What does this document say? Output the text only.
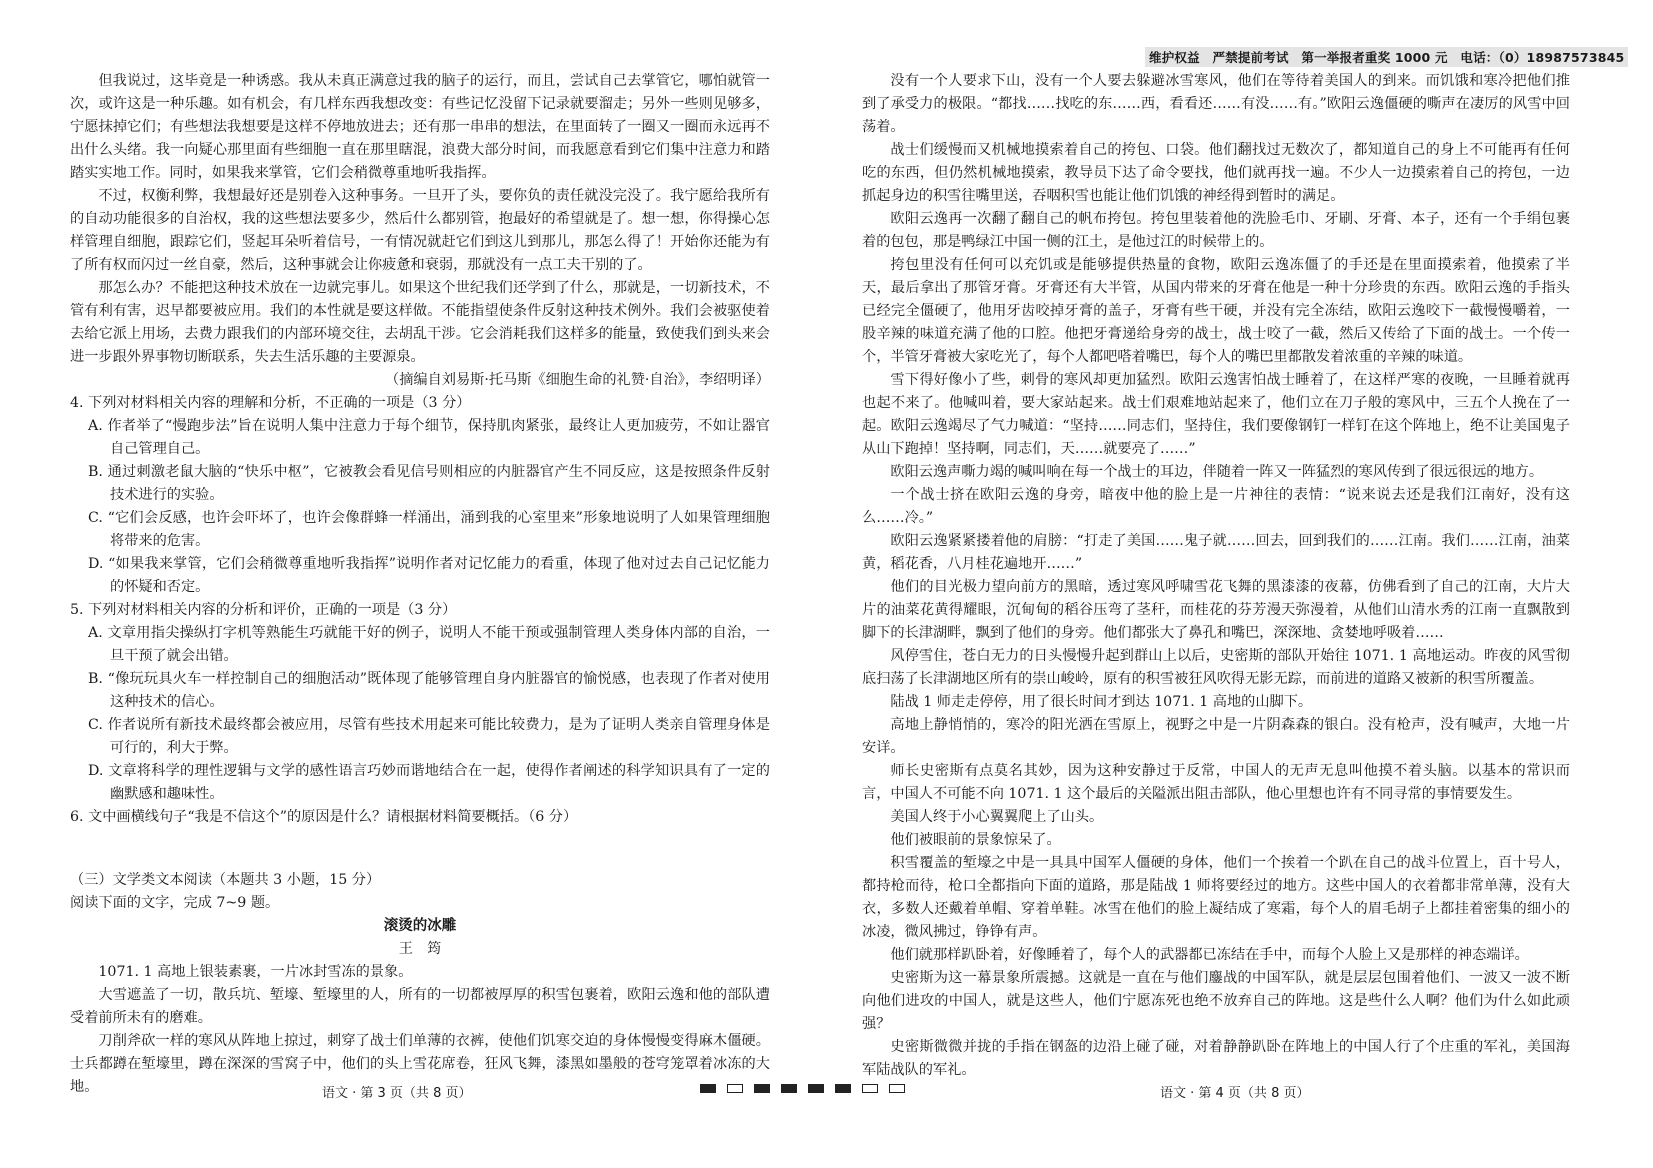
维护权益　严禁提前考试　第一举报者重奖 1000 元　电话：（0）18987573845

但我说过，这毕竟是一种诱惑。我从未真正满意过我的脑子的运行，而且，尝试自己去掌管它，哪怕就管一次，或许这是一种乐趣。如有机会，有几样东西我想改变：有些记忆没留下记录就要溜走；另外一些则见够多，宁愿抹掉它们；有些想法我想要是这样不停地放进去；还有那一串串的想法，在里面转了一圈又一圈而永远再不出什么头绪。我一向疑心那里面有些细胞一直在那里瞎混，浪费大部分时间，而我愿意看到它们集中注意力和踏踏实实地工作。同时，如果我来掌管，它们会稍微尊重地听我指挥。

不过，权衡利弊，我想最好还是别卷入这种事务。一旦开了头，要你负的责任就没完没了。我宁愿给我所有的自动功能很多的自治权，我的这些想法要多少，然后什么都别管，抱最好的希望就是了。想一想，你得操心怎样管理自细胞，跟踪它们，竖起耳朵听着信号，一有情况就赶它们到这儿到那儿，那怎么得了！开始你还能为有了所有权而闪过一丝自豪，然后，这种事就会让你疲惫和衰弱，那就没有一点工夫干别的了。

那怎么办？不能把这种技术放在一边就完事儿。如果这个世纪我们还学到了什么，那就是，一切新技术，不管有利有害，迟早都要被应用。我们的本性就是要这样做。不能指望使条件反射这种技术例外。我们会被驱使着去给它派上用场，去费力跟我们的内部环境交往，去胡乱干涉。它会消耗我们这样多的能量，致使我们到头来会进一步跟外界事物切断联系，失去生活乐趣的主要源泉。

（摘编自刘易斯·托马斯《细胞生命的礼赞·自治》，李绍明译）

4. 下列对材料相关内容的理解和分析，不正确的一项是（3 分）

A. 作者举了“慢跑步法”旨在说明人集中注意力于每个细节，保持肌肉紧张，最终让人更加疲劳，不如让器官自己管理自己。

B. 通过刺激老鼠大脑的“快乐中枢”，它被教会看见信号则相应的内脏器官产生不同反应，这是按照条件反射技术进行的实验。

C. “它们会反感，也许会吓坏了，也许会像群蜂一样涌出，涌到我的心室里来”形象地说明了人如果管理细胞将带来的危害。

D. “如果我来掌管，它们会稍微尊重地听我指挥”说明作者对记忆能力的看重，体现了他对过去自己记忆能力的怀疑和否定。

5. 下列对材料相关内容的分析和评价，正确的一项是（3 分）

A. 文章用指尖操纵打字机等熟能生巧就能干好的例子，说明人不能干预或强制管理人类身体内部的自治，一旦干预了就会出错。

B. “像玩玩具火车一样控制自己的细胞活动”既体现了能够管理自身内脏器官的愉悦感，也表现了作者对使用这种技术的信心。

C. 作者说所有新技术最终都会被应用，尽管有些技术用起来可能比较费力，是为了证明人类亲自管理身体是可行的，利大于弊。

D. 文章将科学的理性逻辑与文学的感性语言巧妙而谐地结合在一起，使得作者阐述的科学知识具有了一定的幽默感和趣味性。

6. 文中画横线句子“我是不信这个”的原因是什么？请根据材料简要概括。（6 分）

（三）文学类文本阅读（本题共 3 小题，15 分）

阅读下面的文字，完成 7~9 题。

滚烫的冰雕

王　筠

1071. 1 高地上银装素裹，一片冰封雪冻的景象。

大雪遮盖了一切，散兵坑、堑壕、堑壕里的人，所有的一切都被厚厚的积雪包裹着，欧阳云逸和他的部队遭受着前所未有的磨难。

刀削斧砍一样的寒风从阵地上掠过，刺穿了战士们单薄的衣裤，使他们饥寒交迫的身体慢慢变得麻木僵硬。士兵都蹲在堑壕里，蹲在深深的雪窝子中，他们的头上雪花席卷，狂风飞舞，漆黑如墨般的苍穹笼罩着冰冻的大地。

没有一个人要求下山，没有一个人要去躲避冰雪寒风，他们在等待着美国人的到来。而饥饿和寒冷把他们推到了承受力的极限。“都找……找吃的东……西，看看还……有没……有。”欧阳云逸僵硬的嘶声在凄厉的风雪中回荡着。

战士们缓慢而又机械地摸索着自己的挎包、口袋。他们翻找过无数次了，都知道自己的身上不可能再有任何吃的东西，但仍然机械地摸索，教导员下达了命令要找，他们就再找一遍。不少人一边摸索着自己的挎包，一边抓起身边的积雪往嘴里送，吞咽积雪也能让他们饥饿的神经得到暂时的满足。

欧阳云逸再一次翻了翻自己的帆布挎包。挎包里装着他的洗脸毛巾、牙刷、牙膏、本子，还有一个手绢包裹着的包包，那是鸭绿江中国一侧的江土，是他过江的时候带上的。

挎包里没有任何可以充饥或是能够提供热量的食物，欧阳云逸冻僵了的手还是在里面摸索着，他摸索了半天，最后拿出了那管牙膏。牙膏还有大半管，从国内带来的牙膏在他是一种十分珍贵的东西。欧阳云逸的手指头已经完全僵硬了，他用牙齿咬掉牙膏的盖子，牙膏有些干硬，并没有完全冻结，欧阳云逸咬下一截慢慢嚼着，一股辛辣的味道充满了他的口腔。他把牙膏递给身旁的战士，战士咬了一截，然后又传给了下面的战士。一个传一个，半管牙膏被大家吃光了，每个人都吧嗒着嘴巴，每个人的嘴巴里都散发着浓重的辛辣的味道。

雪下得好像小了些，刺骨的寒风却更加猛烈。欧阳云逸害怕战士睡着了，在这样严寒的夜晚，一旦睡着就再也起不来了。他喊叫着，要大家站起来。战士们艰难地站起来了，他们立在刀子般的寒风中，三五个人挽在了一起。欧阳云逸竭尽了气力喊道：“坚持……同志们，坚持住，我们要像钢钉一样钉在这个阵地上，绝不让美国鬼子从山下跑掉！坚持啊，同志们，天……就要亮了……”

欧阳云逸声嘶力竭的喊叫响在每一个战士的耳边，伴随着一阵又一阵猛烈的寒风传到了很远很远的地方。

一个战士挤在欧阳云逸的身旁，暗夜中他的脸上是一片神往的表情：“说来说去还是我们江南好，没有这么……冷。”

欧阳云逸紧紧搂着他的肩膀：“打走了美国……鬼子就……回去，回到我们的……江南。我们……江南，油菜黄，稻花香，八月桂花遍地开……”

他们的目光极力望向前方的黑暗，透过寒风呼啸雪花飞舞的黑漆漆的夜幕，仿佛看到了自己的江南，大片大片的油菜花黄得耀眼，沉甸甸的稻谷压弯了茎秆，而桂花的芬芳漫天弥漫着，从他们山清水秀的江南一直飘散到脚下的长津湖畔，飘到了他们的身旁。他们都张大了鼻孔和嘴巴，深深地、贪婪地呼吸着……

风停雪住，苍白无力的日头慢慢升起到群山上以后，史密斯的部队开始往 1071. 1 高地运动。昨夜的风雪彻底扫荡了长津湖地区所有的崇山峻岭，原有的积雪被狂风吹得无影无踪，而前进的道路又被新的积雪所覆盖。

陆战 1 师走走停停，用了很长时间才到达 1071. 1 高地的山脚下。

高地上静悄悄的，寒冷的阳光洒在雪原上，视野之中是一片阴森森的银白。没有枪声，没有喊声，大地一片安详。

师长史密斯有点莫名其妙，因为这种安静过于反常，中国人的无声无息叫他摸不着头脑。以基本的常识而言，中国人不可能不向 1071. 1 这个最后的关隘派出阻击部队，他心里想也许有不同寻常的事情要发生。

美国人终于小心翼翼爬上了山头。

他们被眼前的景象惊呆了。

积雪覆盖的堑壕之中是一具具中国军人僵硬的身体，他们一个挨着一个趴在自己的战斗位置上，百十号人，都持枪而待，枪口全都指向下面的道路，那是陆战 1 师将要经过的地方。这些中国人的衣着都非常单薄，没有大衣，多数人还戴着单帽、穿着单鞋。冰雪在他们的脸上凝结成了寒霜，每个人的眉毛胡子上都挂着密集的细小的冰凌，微风拂过，铮铮有声。

他们就那样趴卧着，好像睡着了，每个人的武器都已冻结在手中，而每个人脸上又是那样的神态端详。

史密斯为这一幕景象所震撼。这就是一直在与他们鏖战的中国军队，就是层层包围着他们、一波又一波不断向他们进攻的中国人，就是这些人，他们宁愿冻死也绝不放弃自己的阵地。这是些什么人啊？他们为什么如此顽强？

史密斯微微并拢的手指在钢盔的边沿上碰了碰，对着静静趴卧在阵地上的中国人行了个庄重的军礼，美国海军陆战队的军礼。

语文 · 第 3 页（共 8 页）	语文 · 第 4 页（共 8 页）
